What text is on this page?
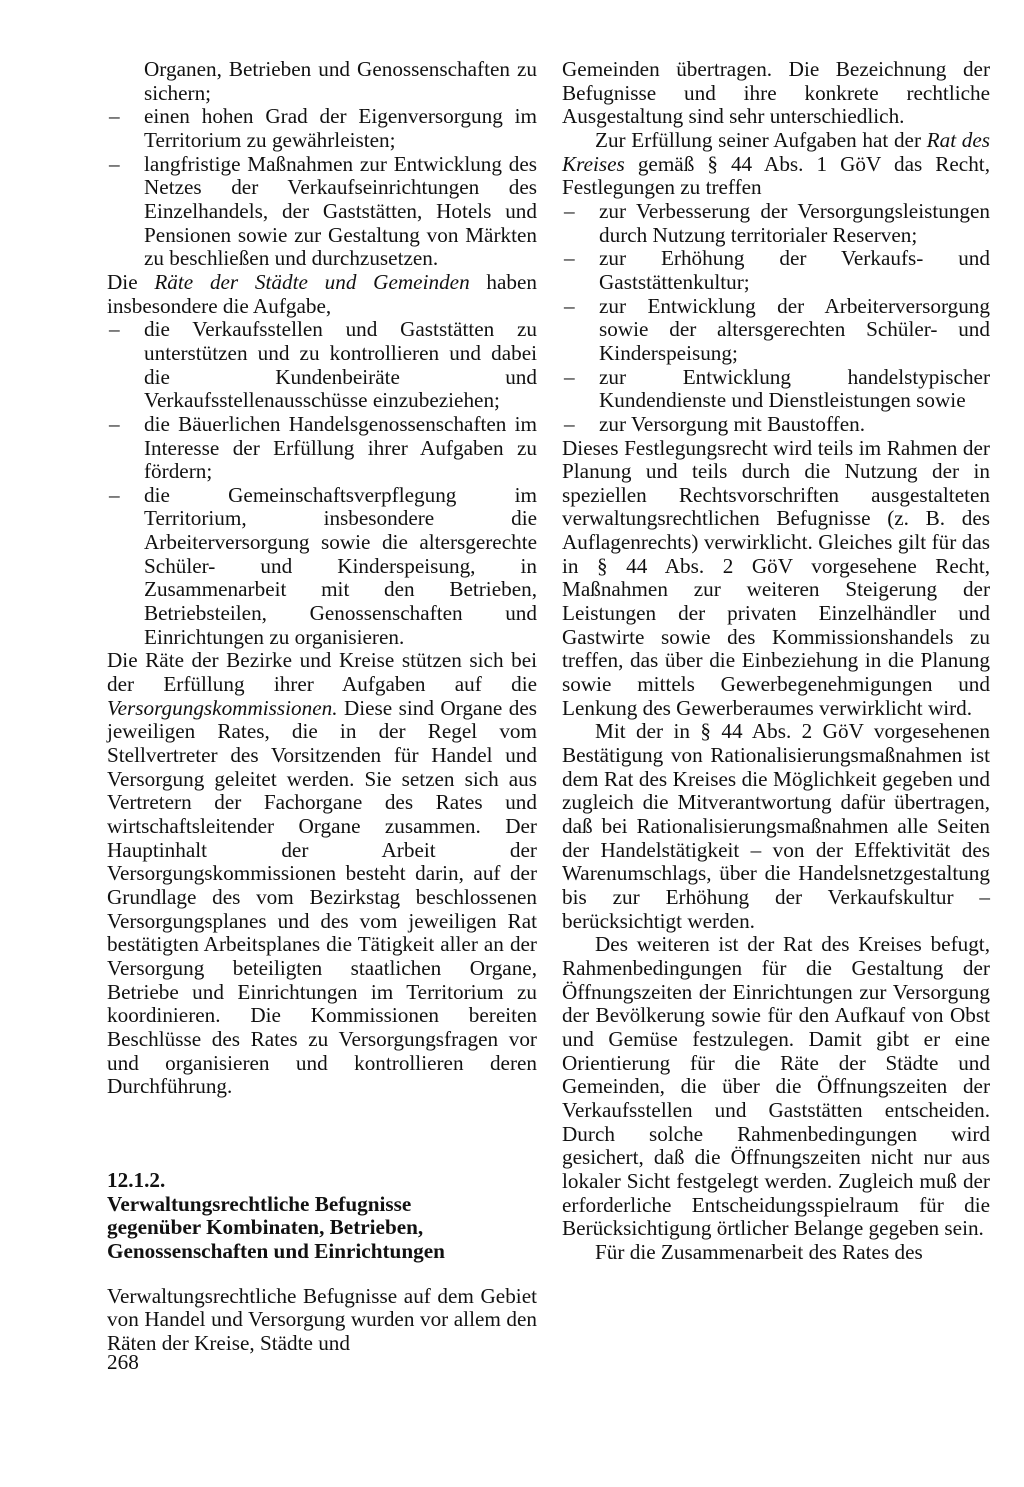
Organen, Betrieben und Genossenschaften zu sichern;

– einen hohen Grad der Eigenversorgung im Territorium zu gewährleisten;

– langfristige Maßnahmen zur Entwicklung des Netzes der Verkaufseinrichtungen des Einzelhandels, der Gaststätten, Hotels und Pensionen sowie zur Gestaltung von Märkten zu beschließen und durchzusetzen.

Die Räte der Städte und Gemeinden haben insbesondere die Aufgabe,

– die Verkaufsstellen und Gaststätten zu unterstützen und zu kontrollieren und dabei die Kundenbeiräte und Verkaufsstellenausschüsse einzubeziehen;

– die Bäuerlichen Handelsgenossenschaften im Interesse der Erfüllung ihrer Aufgaben zu fördern;

– die Gemeinschaftsverpflegung im Territorium, insbesondere die Arbeiterversorgung sowie die altersgerechte Schüler- und Kinderspeisung, in Zusammenarbeit mit den Betrieben, Betriebsteilen, Genossenschaften und Einrichtungen zu organisieren.

Die Räte der Bezirke und Kreise stützen sich bei der Erfüllung ihrer Aufgaben auf die Versorgungskommissionen. Diese sind Organe des jeweiligen Rates, die in der Regel vom Stellvertreter des Vorsitzenden für Handel und Versorgung geleitet werden. Sie setzen sich aus Vertretern der Fachorgane des Rates und wirtschaftsleitender Organe zusammen. Der Hauptinhalt der Arbeit der Versorgungskommissionen besteht darin, auf der Grundlage des vom Bezirkstag beschlossenen Versorgungsplanes und des vom jeweiligen Rat bestätigten Arbeitsplanes die Tätigkeit aller an der Versorgung beteiligten staatlichen Organe, Betriebe und Einrichtungen im Territorium zu koordinieren. Die Kommissionen bereiten Beschlüsse des Rates zu Versorgungsfragen vor und organisieren und kontrollieren deren Durchführung.

12.1.2.
Verwaltungsrechtliche Befugnisse
gegenüber Kombinaten, Betrieben,
Genossenschaften und Einrichtungen

Verwaltungsrechtliche Befugnisse auf dem Gebiet von Handel und Versorgung wurden vor allem den Räten der Kreise, Städte und

Gemeinden übertragen. Die Bezeichnung der Befugnisse und ihre konkrete rechtliche Ausgestaltung sind sehr unterschiedlich.

Zur Erfüllung seiner Aufgaben hat der Rat des Kreises gemäß § 44 Abs. 1 GöV das Recht, Festlegungen zu treffen

– zur Verbesserung der Versorgungsleistungen durch Nutzung territorialer Reserven;

– zur Erhöhung der Verkaufs- und Gaststättenkultur;

– zur Entwicklung der Arbeiterversorgung sowie der altersgerechten Schüler- und Kinderspeisung;

– zur Entwicklung handelstypischer Kundendienste und Dienstleistungen sowie

– zur Versorgung mit Baustoffen.

Dieses Festlegungsrecht wird teils im Rahmen der Planung und teils durch die Nutzung der in speziellen Rechtsvorschriften ausgestalteten verwaltungsrechtlichen Befugnisse (z. B. des Auflagenrechts) verwirklicht. Gleiches gilt für das in § 44 Abs. 2 GöV vorgesehene Recht, Maßnahmen zur weiteren Steigerung der Leistungen der privaten Einzelhändler und Gastwirte sowie des Kommissionshandels zu treffen, das über die Einbeziehung in die Planung sowie mittels Gewerbegenehmigungen und Lenkung des Gewerberaumes verwirklicht wird.

Mit der in § 44 Abs. 2 GöV vorgesehenen Bestätigung von Rationalisierungsmaßnahmen ist dem Rat des Kreises die Möglichkeit gegeben und zugleich die Mitverantwortung dafür übertragen, daß bei Rationalisierungsmaßnahmen alle Seiten der Handelstätigkeit – von der Effektivität des Warenumschlags, über die Handelsnetzgestaltung bis zur Erhöhung der Verkaufskultur – berücksichtigt werden.

Des weiteren ist der Rat des Kreises befugt, Rahmenbedingungen für die Gestaltung der Öffnungszeiten der Einrichtungen zur Versorgung der Bevölkerung sowie für den Aufkauf von Obst und Gemüse festzulegen. Damit gibt er eine Orientierung für die Räte der Städte und Gemeinden, die über die Öffnungszeiten der Verkaufsstellen und Gaststätten entscheiden. Durch solche Rahmenbedingungen wird gesichert, daß die Öffnungszeiten nicht nur aus lokaler Sicht festgelegt werden. Zugleich muß der erforderliche Entscheidungsspielraum für die Berücksichtigung örtlicher Belange gegeben sein.

Für die Zusammenarbeit des Rates des

268
